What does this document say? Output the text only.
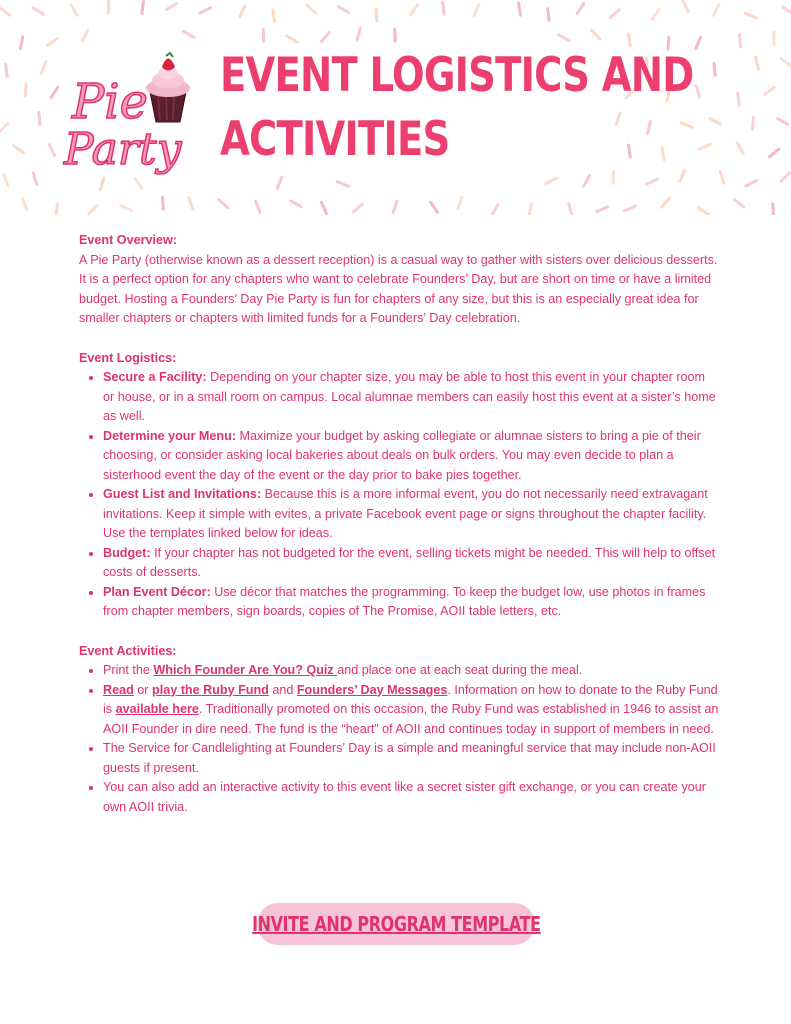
Pie
Party
EVENT LOGISTICS AND
ACTIVITIES

Event Overview:

A Pie Party (otherwise known as a dessert reception) is a casual way to gather with sisters over delicious desserts. It is a perfect option for any chapters who want to celebrate Founders’ Day, but are short on time or have a limited budget. Hosting a Founders’ Day Pie Party is fun for chapters of any size, but this is an especially great idea for smaller chapters or chapters with limited funds for a Founders’ Day celebration.

Event Logistics:

• Secure a Facility: Depending on your chapter size, you may be able to host this event in your chapter room or house, or in a small room on campus. Local alumnae members can easily host this event at a sister’s home as well.
• Determine your Menu: Maximize your budget by asking collegiate or alumnae sisters to bring a pie of their choosing, or consider asking local bakeries about deals on bulk orders. You may even decide to plan a sisterhood event the day of the event or the day prior to bake pies together.
• Guest List and Invitations: Because this is a more informal event, you do not necessarily need extravagant invitations. Keep it simple with evites, a private Facebook event page or signs throughout the chapter facility. Use the templates linked below for ideas.
• Budget: If your chapter has not budgeted for the event, selling tickets might be needed. This will help to offset costs of desserts.
• Plan Event Décor: Use décor that matches the programming. To keep the budget low, use photos in frames from chapter members, sign boards, copies of The Promise, AOII table letters, etc.

Event Activities:

• Print the Which Founder Are You? Quiz and place one at each seat during the meal.
• Read or play the Ruby Fund and Founders’ Day Messages. Information on how to donate to the Ruby Fund is available here. Traditionally promoted on this occasion, the Ruby Fund was established in 1946 to assist an AOII Founder in dire need. The fund is the “heart” of AOII and continues today in support of members in need.
• The Service for Candlelighting at Founders’ Day is a simple and meaningful service that may include non-AOII guests if present.
• You can also add an interactive activity to this event like a secret sister gift exchange, or you can create your own AOII trivia.
INVITE AND PROGRAM TEMPLATE
